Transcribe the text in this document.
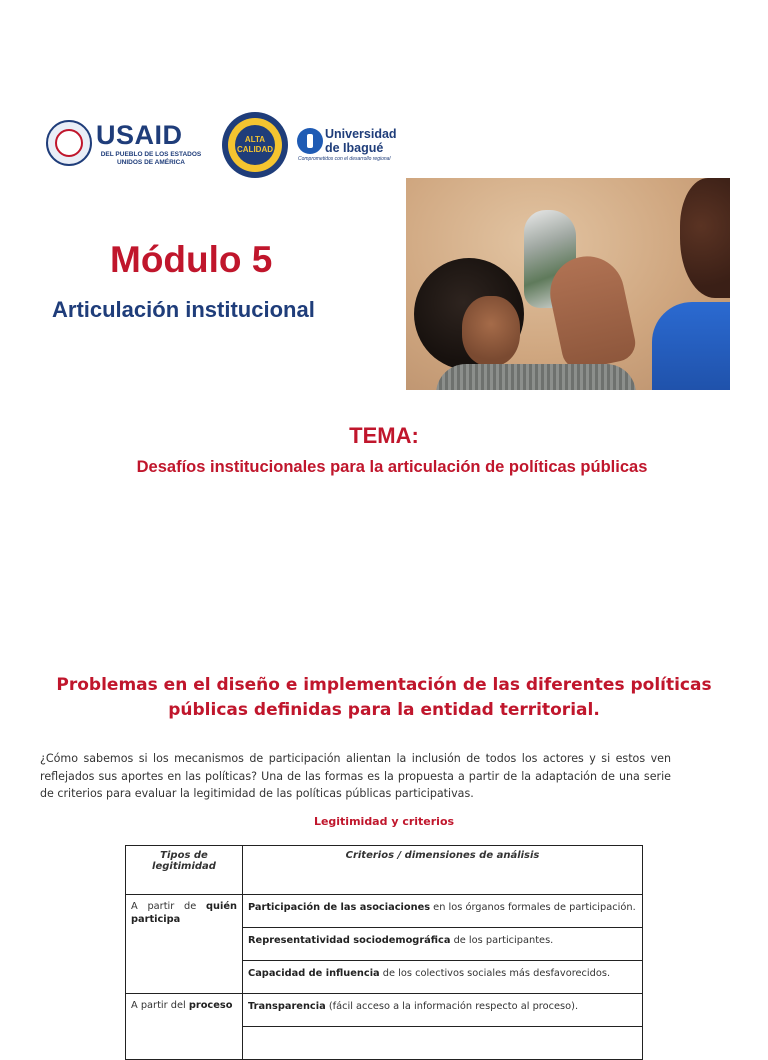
USAID
DEL PUEBLO DE LOS ESTADOS UNIDOS DE AMÉRICA
ALTA CALIDAD
Universidad
de Ibagué
Comprometidos con el desarrollo regional
Módulo 5
Articulación institucional
TEMA:
Desafíos institucionales para la articulación de políticas públicas
Problemas en el diseño e implementación de las diferentes políticas
públicas definidas para la entidad territorial.
¿Cómo sabemos si los mecanismos de participación alientan la inclusión de todos los actores y si estos ven reflejados sus aportes en las políticas? Una de las formas es la propuesta a partir de la adaptación de una serie de criterios para evaluar la legitimidad de las políticas públicas participativas.
Legitimidad y criterios
Tipos de legitimidad	Criterios / dimensiones de análisis
A partir de quién participa	Participación de las asociaciones en los órganos formales de participación.
	Representatividad sociodemográfica de los participantes.
	Capacidad de influencia de los colectivos sociales más desfavorecidos.
A partir del proceso	Transparencia (fácil acceso a la información respecto al proceso).
